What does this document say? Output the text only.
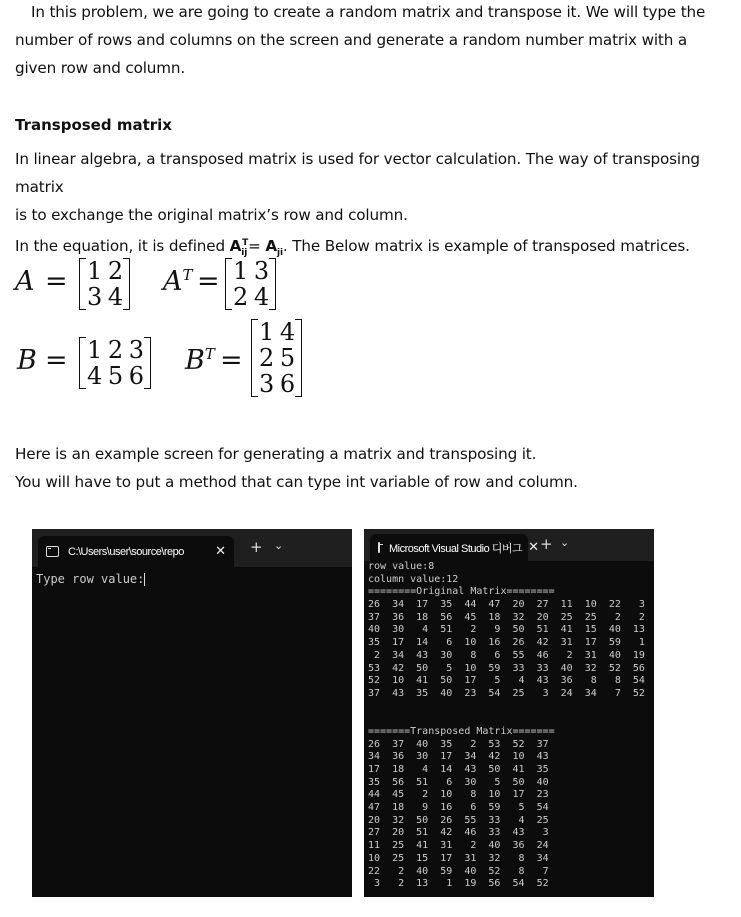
In this problem, we are going to create a random matrix and transpose it. We will type the
number of rows and columns on the screen and generate a random number matrix with a
given row and column.
Transposed matrix
In linear algebra, a transposed matrix is used for vector calculation. The way of transposing matrix
is to exchange the original matrix’s row and column.
In the equation, it is defined $A_{ij}^T= A_{ji}$. The Below matrix is example of transposed matrices.
A = 1 2
3 4 $A^T = 1$ 3
2 4
B = 1 2 3
4 5 6 $B^T$ =
1 4
2 5
3 6
Here is an example screen for generating a matrix and transposing it.
You will have to put a method that can type int variable of row and column.
C:\Users\user\source\repo	✕ + ⌄
Type row value:
Microsoft Visual Studio 디버그 ✕ + ⌄
row value:8
column value:12
========Original Matrix========
26  34  17  35  44  47  20  27  11  10  22   3
37  36  18  56  45  18  32  20  25  25   2   2
40  30   4  51   2   9  50  51  41  15  40  13
35  17  14   6  10  16  26  42  31  17  59   1
2  34  43  30   8   6  55  46   2  31  40  19
53  42  50   5  10  59  33  33  40  32  52  56
52  10  41  50  17   5   4  43  36   8   8  54
37  43  35  40  23  54  25   3  24  34   7  52
=======Transposed Matrix=======
26  37  40  35   2  53  52  37
34  36  30  17  34  42  10  43
17  18   4  14  43  50  41  35
35  56  51   6  30   5  50  40
44  45   2  10   8  10  17  23
47  18   9  16   6  59   5  54
20  32  50  26  55  33   4  25
27  20  51  42  46  33  43   3
11  25  41  31   2  40  36  24
10  25  15  17  31  32   8  34
22   2  40  59  40  52   8   7
3   2  13   1  19  56  54  52
